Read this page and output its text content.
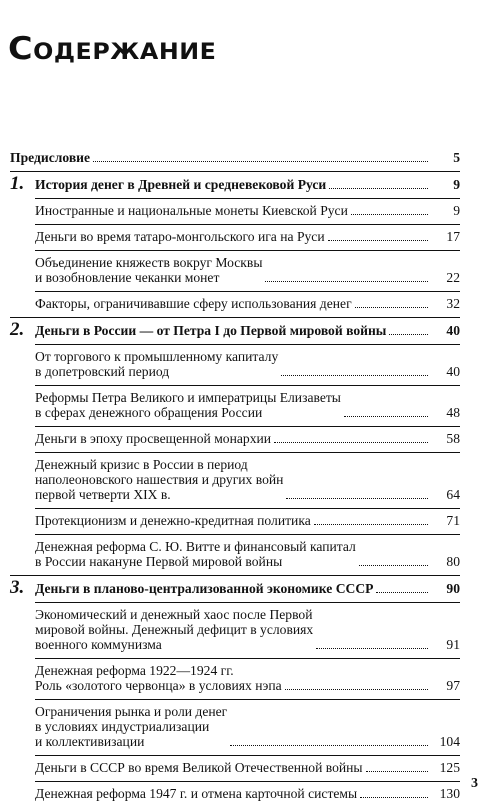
Содержание
Предисловие	5
1. История денег в Древней и средневековой Руси	9
Иностранные и национальные монеты Киевской Руси	9
Деньги во время татаро-монгольского ига на Руси	17
Объединение княжеств вокруг Москвы
и возобновление чеканки монет	22
Факторы, ограничивавшие сферу использования денег	32
2. Деньги в России — от Петра I до Первой мировой войны	40
От торгового к промышленному капиталу
в допетровский период	40
Реформы Петра Великого и императрицы Елизаветы
в сферах денежного обращения России	48
Деньги в эпоху просвещенной монархии	58
Денежный кризис в России в период
наполеоновского нашествия и других войн
первой четверти XIX в.	64
Протекционизм и денежно-кредитная политика	71
Денежная реформа С. Ю. Витте и финансовый капитал
в России накануне Первой мировой войны	80
3. Деньги в планово-централизованной экономике СССР	90
Экономический и денежный хаос после Первой
мировой войны. Денежный дефицит в условиях
военного коммунизма	91
Денежная реформа 1922—1924 гг.
Роль «золотого червонца» в условиях нэпа	97
Ограничения рынка и роли денег
в условиях индустриализации
и коллективизации	104
Деньги в СССР во время Великой Отечественной войны	125
Денежная реформа 1947 г. и отмена карточной системы	130
3
